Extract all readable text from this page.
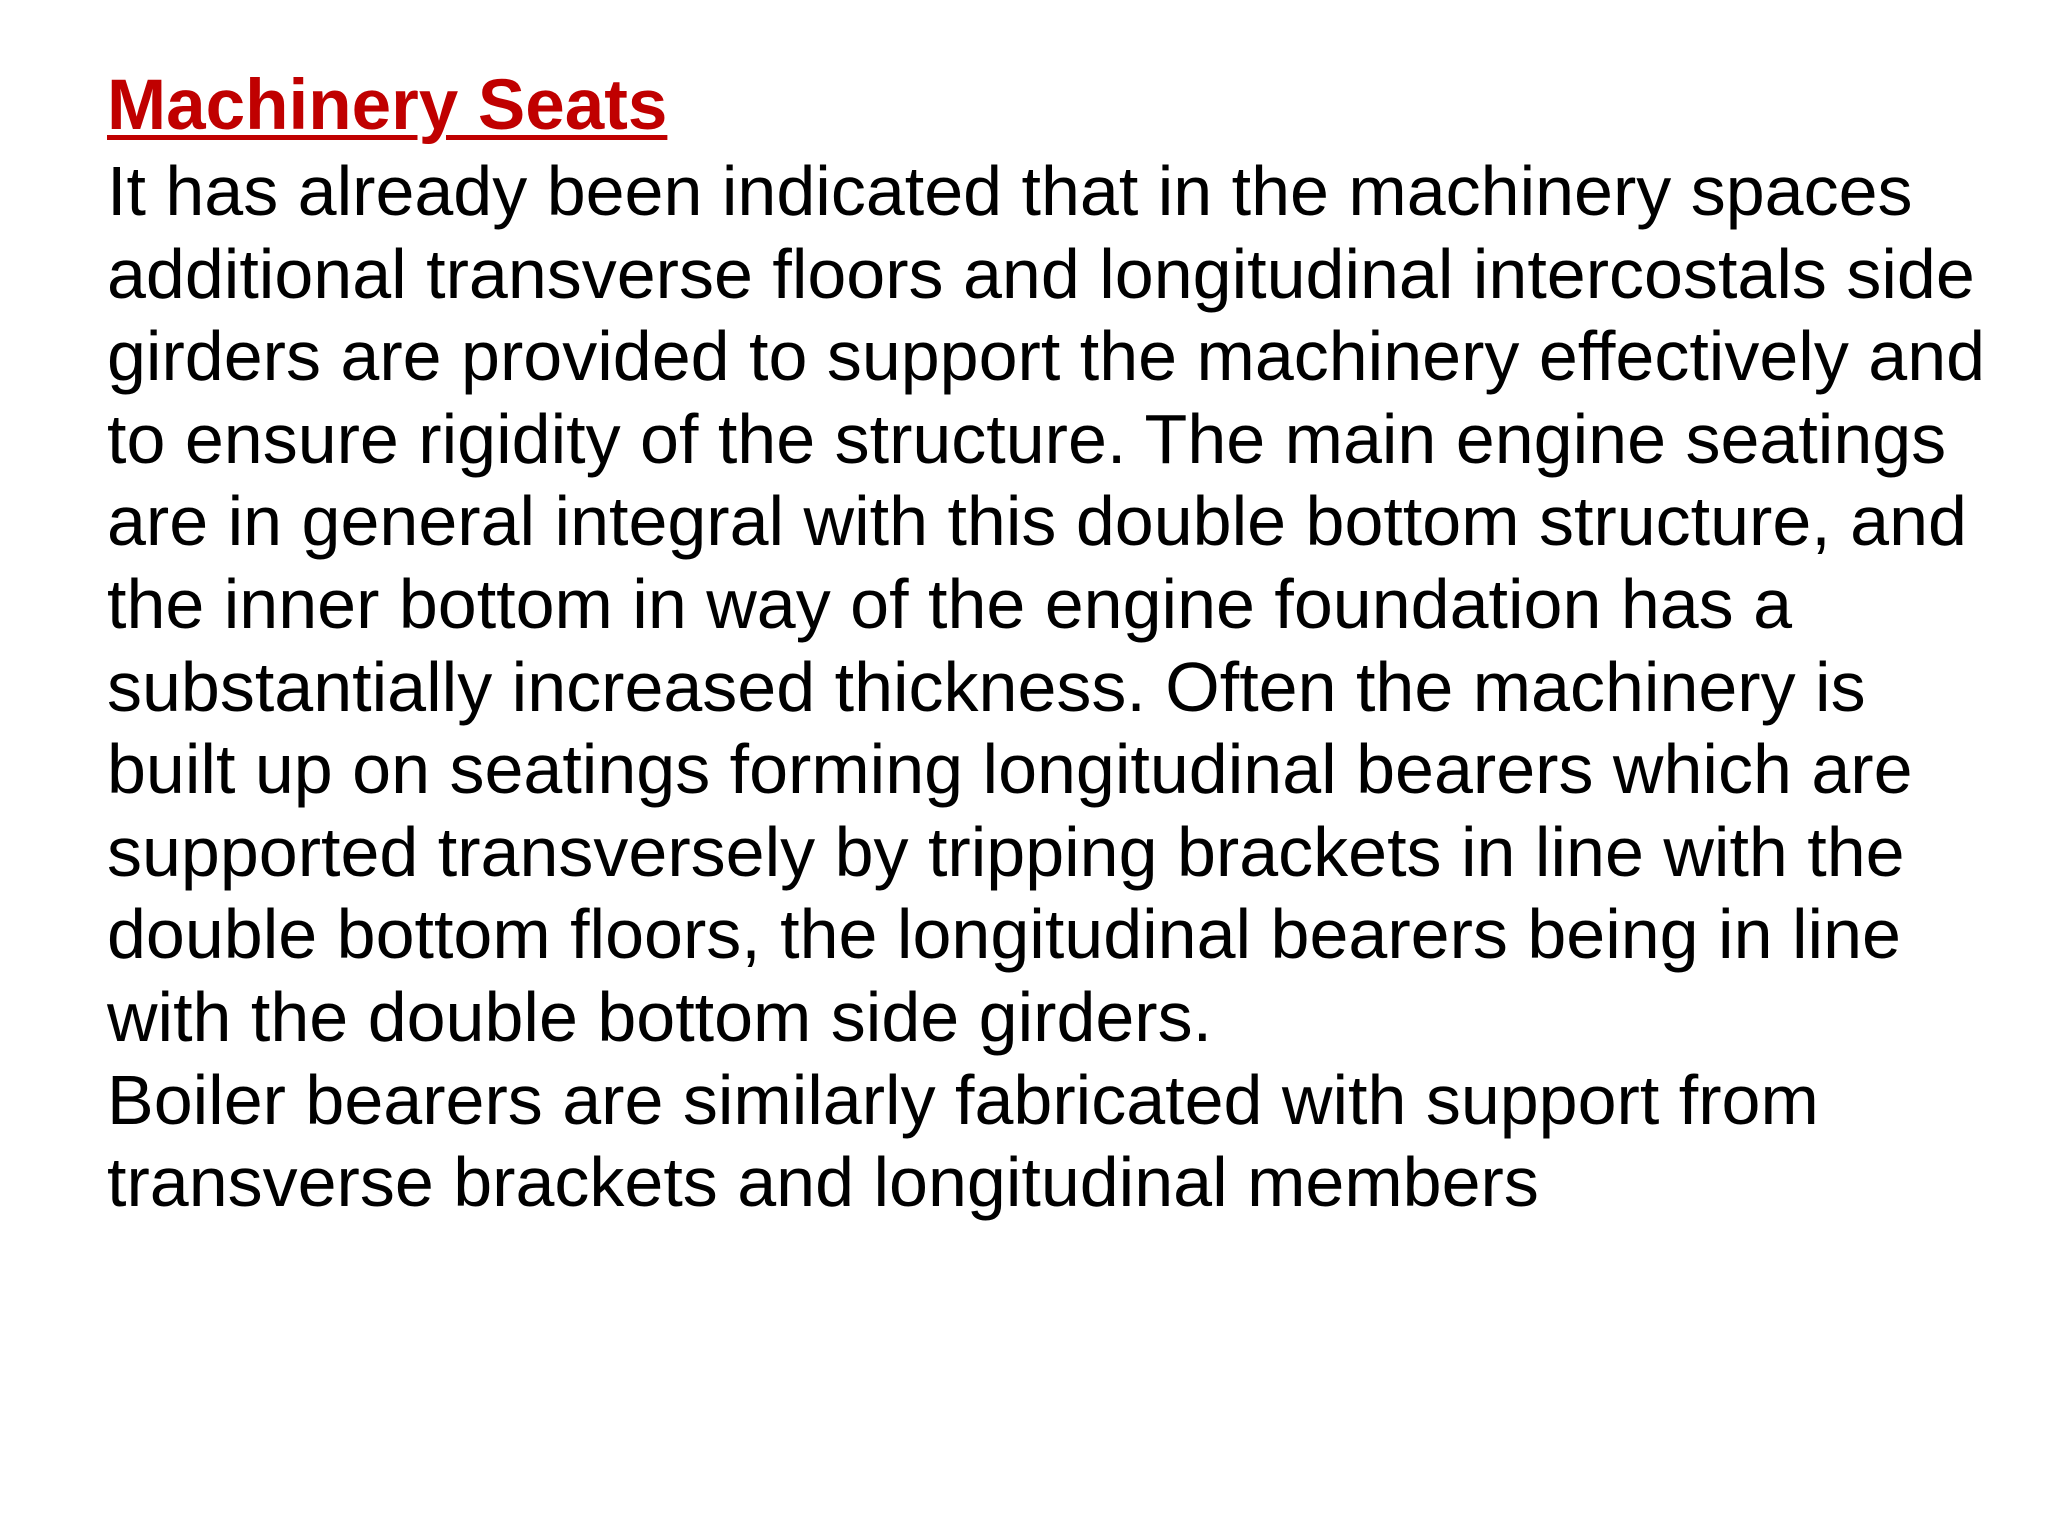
Machinery Seats
It has already been indicated that in the machinery spaces
additional transverse floors and longitudinal intercostals side
girders are provided to support the machinery effectively and
to ensure rigidity of the structure. The main engine seatings
are in general integral with this double bottom structure, and
the inner bottom in way of the engine foundation has a
substantially increased thickness. Often the machinery is
built up on seatings forming longitudinal bearers which are
supported transversely by tripping brackets in line with the
double bottom floors, the longitudinal bearers being in line
with the double bottom side girders.
Boiler bearers are similarly fabricated with support from
transverse brackets and longitudinal members
